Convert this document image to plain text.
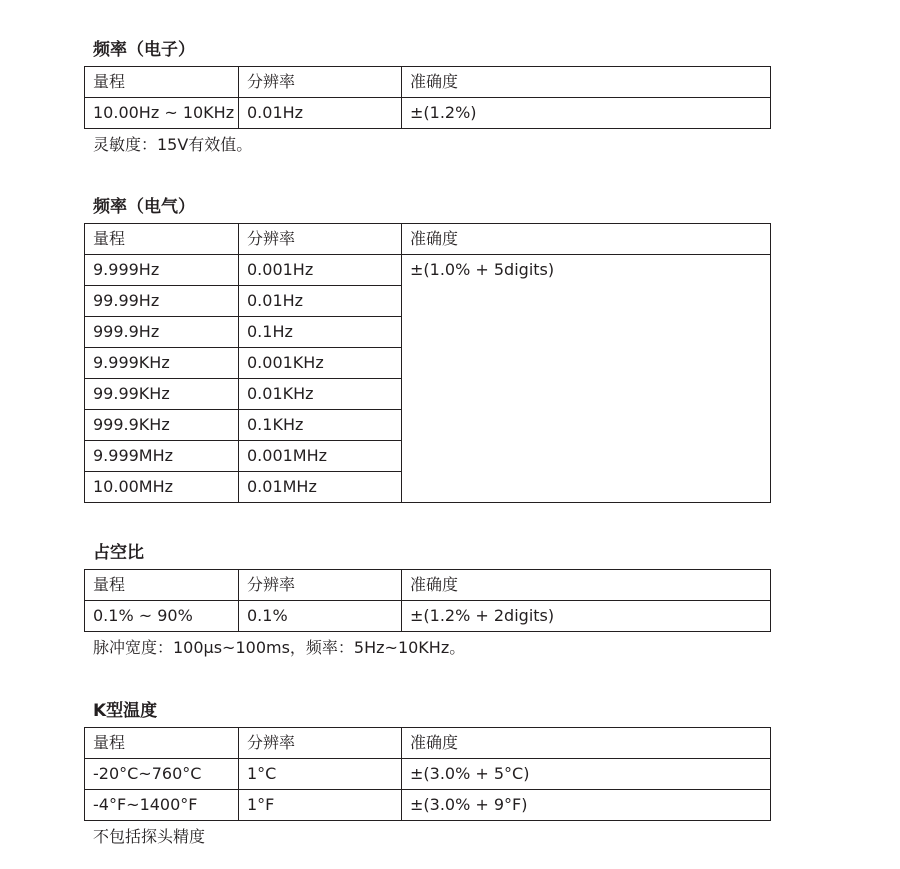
频率（电子）
量程	分辨率	准确度
10.00Hz ~ 10KHz	0.01Hz	±(1.2%)
灵敏度：15V有效值。
频率（电气）
量程	分辨率	准确度
9.999Hz	0.001Hz	±(1.0% + 5digits)
99.99Hz	0.01Hz	
999.9Hz	0.1Hz	
9.999KHz	0.001KHz	
99.99KHz	0.01KHz	
999.9KHz	0.1KHz	
9.999MHz	0.001MHz	
10.00MHz	0.01MHz	
占空比
量程	分辨率	准确度
0.1% ~ 90%	0.1%	±(1.2% + 2digits)
脉冲宽度：100μs~100ms，频率：5Hz~10KHz。
K型温度
量程	分辨率	准确度
-20°C~760°C	1°C	±(3.0% + 5°C)
-4°F~1400°F	1°F	±(3.0% + 9°F)
不包括探头精度
